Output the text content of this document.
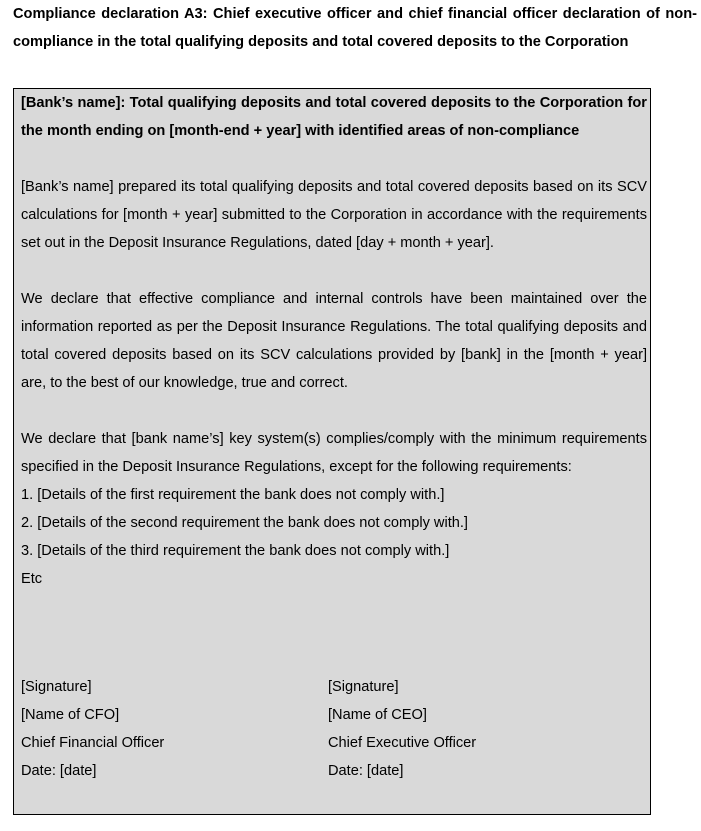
Compliance declaration A3: Chief executive officer and chief financial officer declaration of non-compliance in the total qualifying deposits and total covered deposits to the Corporation

[Bank’s name]: Total qualifying deposits and total covered deposits to the Corporation for the month ending on [month-end + year] with identified areas of non-compliance

[Bank’s name] prepared its total qualifying deposits and total covered deposits based on its SCV calculations for [month + year] submitted to the Corporation in accordance with the requirements set out in the Deposit Insurance Regulations, dated [day + month + year].

We declare that effective compliance and internal controls have been maintained over the information reported as per the Deposit Insurance Regulations. The total qualifying deposits and total covered deposits based on its SCV calculations provided by [bank] in the [month + year] are, to the best of our knowledge, true and correct.

We declare that [bank name’s] key system(s) complies/comply with the minimum requirements specified in the Deposit Insurance Regulations, except for the following requirements:

1. [Details of the first requirement the bank does not comply with.]
2. [Details of the second requirement the bank does not comply with.]
3. [Details of the third requirement the bank does not comply with.]

Etc

[Signature]
[Name of CFO]
Chief Financial Officer
Date: [date]
[Signature]
[Name of CEO]
Chief Executive Officer
Date: [date]
